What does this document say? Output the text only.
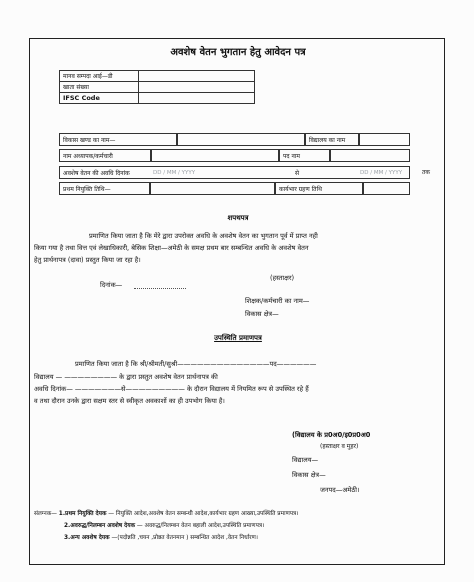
अवशेष वेतन भुगतान हेतु आवेदन पत्र
मानव सम्पदा आई—डी	
खाता संख्या	
IFSC Code	
विकास खण्ड का नाम—	विद्यालय का नाम
नाम अध्यापक/कर्मचारी	पद नाम
अवशेष वेतन की अवधि दिनांक	DD / MM / YYYY	से	DD / MM / YYYY	तक
प्रथम नियुक्ति तिथि—	कार्यभार ग्रहण तिथि
शपथपत्र
प्रमाणित किया जाता है कि मेरे द्वारा उपरोक्त अवधि के अवशेष वेतन का भुगतान पूर्व में प्राप्त नही
किया गया है तथा वित्त एवं लेखाधिकारी, बेसिक शिक्षा—अमेठी के समक्ष प्रथम बार सम्बन्धित अवधि के अवशेष वेतन
हेतु प्रार्थनापत्र (दावा) प्रस्तुत किया जा रहा है।
(हस्ताक्षर)
दिनांक—
शिक्षक/कर्मचारी का नाम—
विकास क्षेत्र—
उपस्थिति प्रमाणपत्र
प्रमाणित किया जाता है कि श्री/श्रीमती/सुश्री——————————————पद——————
विद्यालय — ———————— के द्वारा प्रस्तुत अवशेष वेतन प्रार्थनापत्र की
अवधि दिनांक— ———————से————————— के दौरान विद्यालय में नियमित रूप से उपस्थित रहे हैं
व तथा दौरान उनके द्वारा सक्षम स्तर से स्वीकृत अवकाशों का ही उपभोग किया है।
(विद्यालय के प्र0अ0/इ0प्र0अ0
(हस्ताक्षर व मुहर)
विद्यालय—
विकास क्षेत्र—
जनपद—अमेठी।
संलग्नक— 1.प्रथम नियुक्ति देयक — नियुक्ति आदेश,अवशेष वेतन सम्बन्धी आदेश,कार्यभार ग्रहण आख्या,उपस्थिति प्रमाणपत्र।
2.अवरुद्ध/निलम्बन अवशेष देयक — अवरुद्ध/निलम्बन वेतन बहाली आदेश,उपस्थिति प्रमाणपत्र।
3.अन्य अवशेष देयक —(पदोन्नति ,चयन ,प्रोन्नत वेतनमान ) सम्बन्धित आदेश ,वेतन निर्धारण।
